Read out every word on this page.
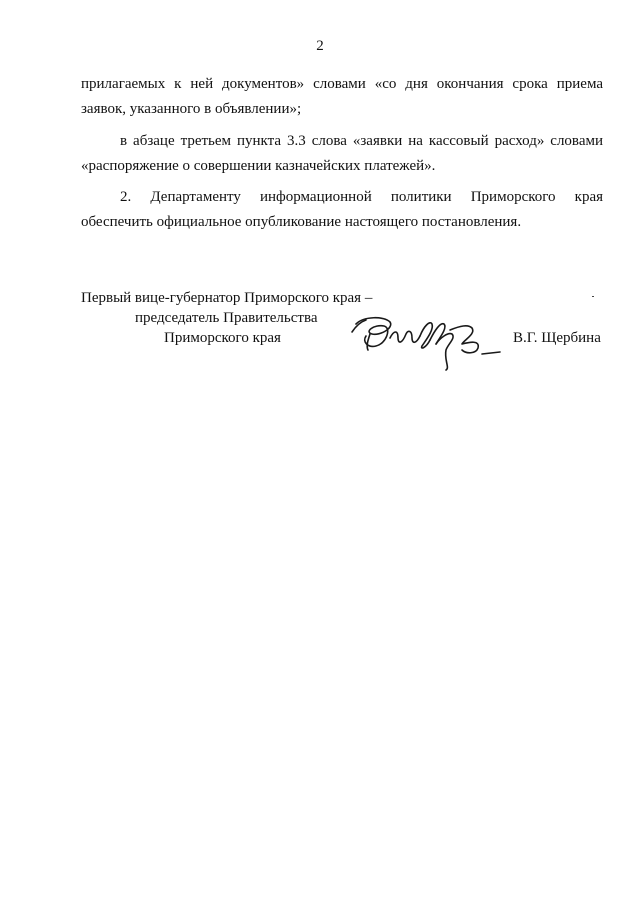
2
прилагаемых к ней документов» словами «со дня окончания срока приема
заявок, указанного в объявлении»;
в абзаце третьем пункта 3.3 слова «заявки на кассовый расход» словами
«распоряжение о совершении казначейских платежей».
2. Департаменту информационной политики Приморского края
обеспечить официальное опубликование настоящего постановления.
Первый вице-губернатор Приморского края –
председатель Правительства
Приморского края	В.Г. Щербина
